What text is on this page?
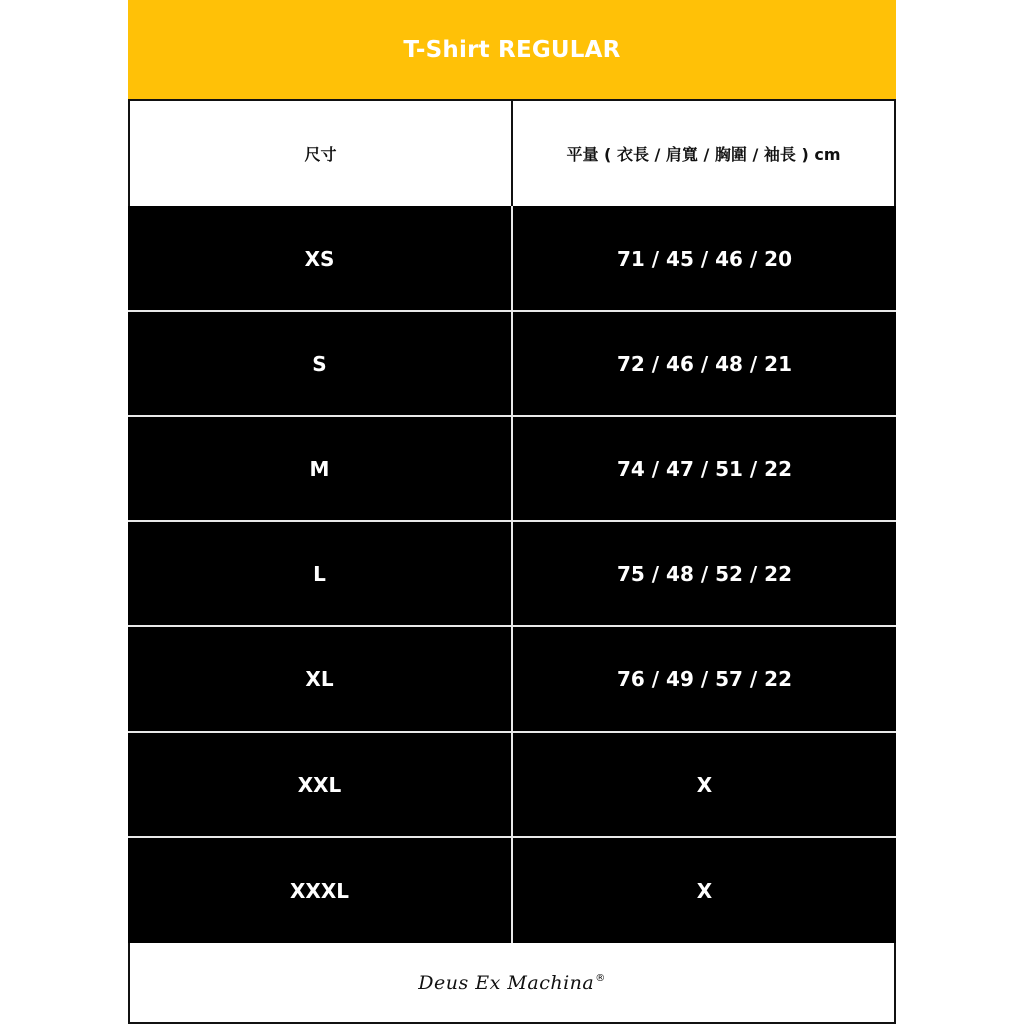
T-Shirt REGULAR
尺寸	平量 ( 衣長 / 肩寬 / 胸圍 / 袖長 ) cm
XS	71 / 45 / 46 / 20
S	72 / 46 / 48 / 21
M	74 / 47 / 51 / 22
L	75 / 48 / 52 / 22
XL	76 / 49 / 57 / 22
XXL	X
XXXL	X
Deus Ex Machina®
